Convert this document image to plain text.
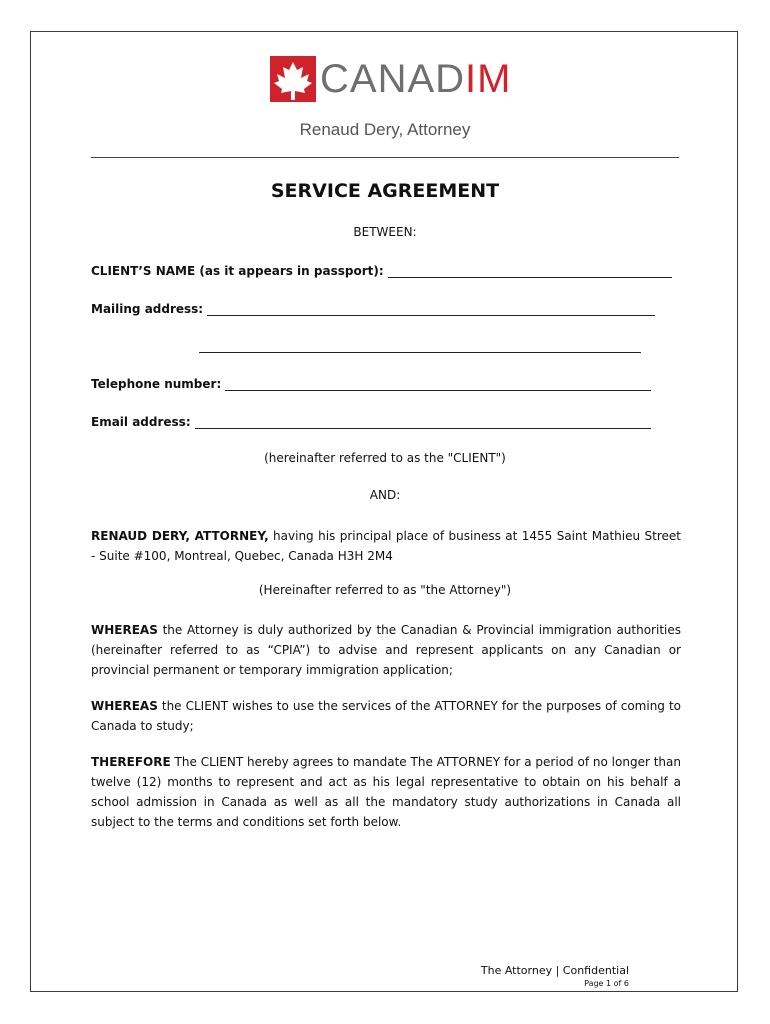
CANADIM
Renaud Dery, Attorney
SERVICE AGREEMENT
BETWEEN:
CLIENT’S NAME (as it appears in passport):
Mailing address:
Telephone number:
Email address:
(hereinafter referred to as the "CLIENT")
AND:
RENAUD DERY, ATTORNEY, having his principal place of business at 1455 Saint Mathieu Street - Suite #100, Montreal, Quebec, Canada H3H 2M4
(Hereinafter referred to as "the Attorney")
WHEREAS the Attorney is duly authorized by the Canadian & Provincial immigration authorities (hereinafter referred to as “CPIA”) to advise and represent applicants on any Canadian or provincial permanent or temporary immigration application;
WHEREAS the CLIENT wishes to use the services of the ATTORNEY for the purposes of coming to Canada to study;
THEREFORE The CLIENT hereby agrees to mandate The ATTORNEY for a period of no longer than twelve (12) months to represent and act as his legal representative to obtain on his behalf a school admission in Canada as well as all the mandatory study authorizations in Canada all subject to the terms and conditions set forth below.
The Attorney | Confidential
Page 1 of 6
